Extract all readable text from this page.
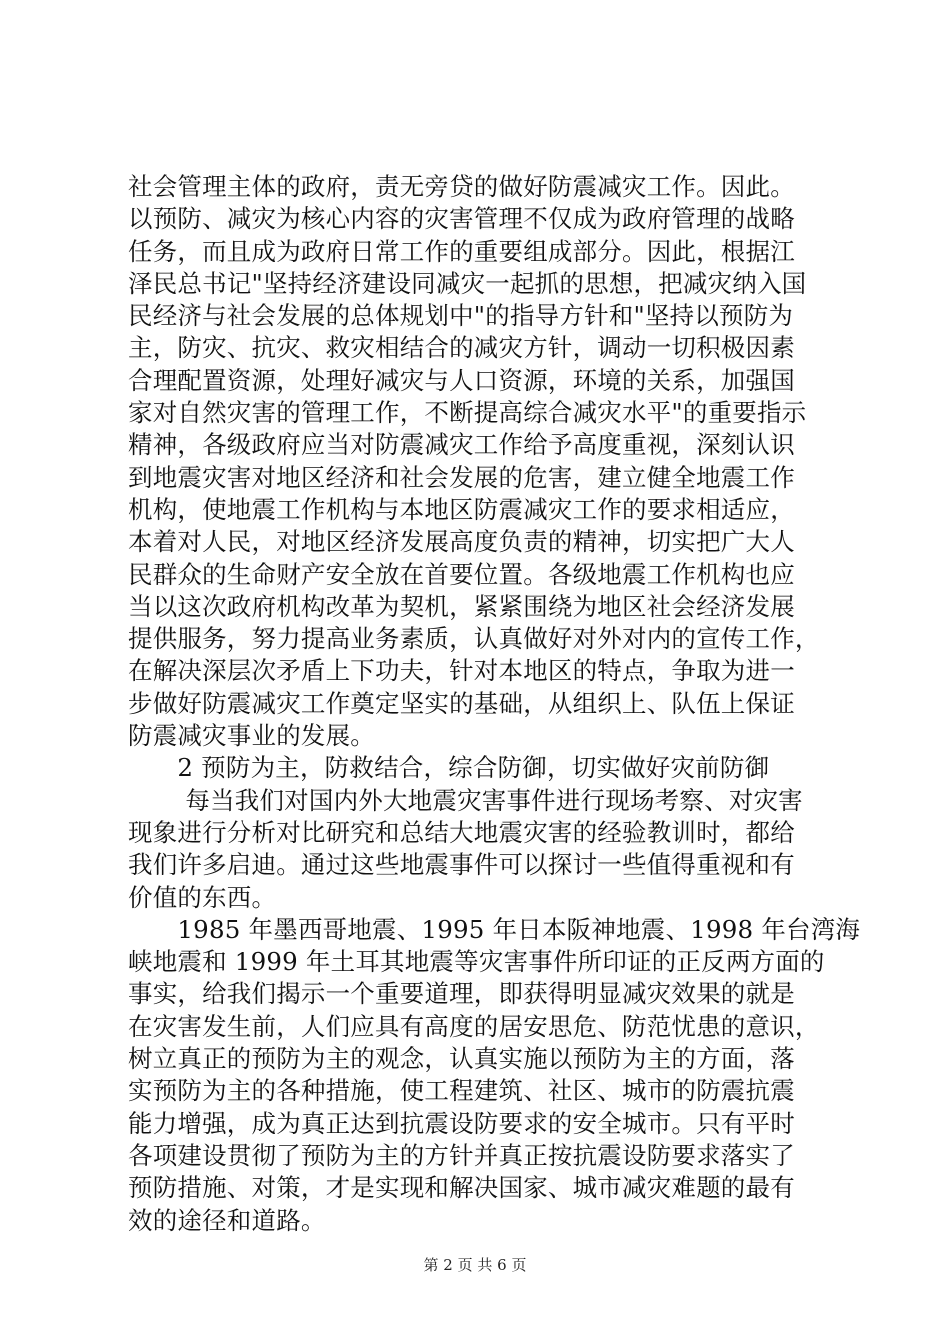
社会管理主体的政府，责无旁贷的做好防震减灾工作。因此。
以预防、减灾为核心内容的灾害管理不仅成为政府管理的战略
任务，而且成为政府日常工作的重要组成部分。因此，根据江
泽民总书记"坚持经济建设同减灾一起抓的思想，把减灾纳入国
民经济与社会发展的总体规划中"的指导方针和"坚持以预防为
主，防灾、抗灾、救灾相结合的减灾方针，调动一切积极因素
合理配置资源，处理好减灾与人口资源，环境的关系，加强国
家对自然灾害的管理工作，不断提高综合减灾水平"的重要指示
精神，各级政府应当对防震减灾工作给予高度重视，深刻认识
到地震灾害对地区经济和社会发展的危害，建立健全地震工作
机构，使地震工作机构与本地区防震减灾工作的要求相适应，
本着对人民，对地区经济发展高度负责的精神，切实把广大人
民群众的生命财产安全放在首要位置。各级地震工作机构也应
当以这次政府机构改革为契机，紧紧围绕为地区社会经济发展
提供服务，努力提高业务素质，认真做好对外对内的宣传工作，
在解决深层次矛盾上下功夫，针对本地区的特点，争取为进一
步做好防震减灾工作奠定坚实的基础，从组织上、队伍上保证
防震减灾事业的发展。
　　2 预防为主，防救结合，综合防御，切实做好灾前防御
　　 每当我们对国内外大地震灾害事件进行现场考察、对灾害
现象进行分析对比研究和总结大地震灾害的经验教训时，都给
我们许多启迪。通过这些地震事件可以探讨一些值得重视和有
价值的东西。
　　1985 年墨西哥地震、1995 年日本阪神地震、1998 年台湾海
峡地震和 1999 年土耳其地震等灾害事件所印证的正反两方面的
事实，给我们揭示一个重要道理，即获得明显减灾效果的就是
在灾害发生前，人们应具有高度的居安思危、防范忧患的意识，
树立真正的预防为主的观念，认真实施以预防为主的方面，落
实预防为主的各种措施，使工程建筑、社区、城市的防震抗震
能力增强，成为真正达到抗震设防要求的安全城市。只有平时
各项建设贯彻了预防为主的方针并真正按抗震设防要求落实了
预防措施、对策，才是实现和解决国家、城市减灾难题的最有
效的途径和道路。
第 2 页 共 6 页
